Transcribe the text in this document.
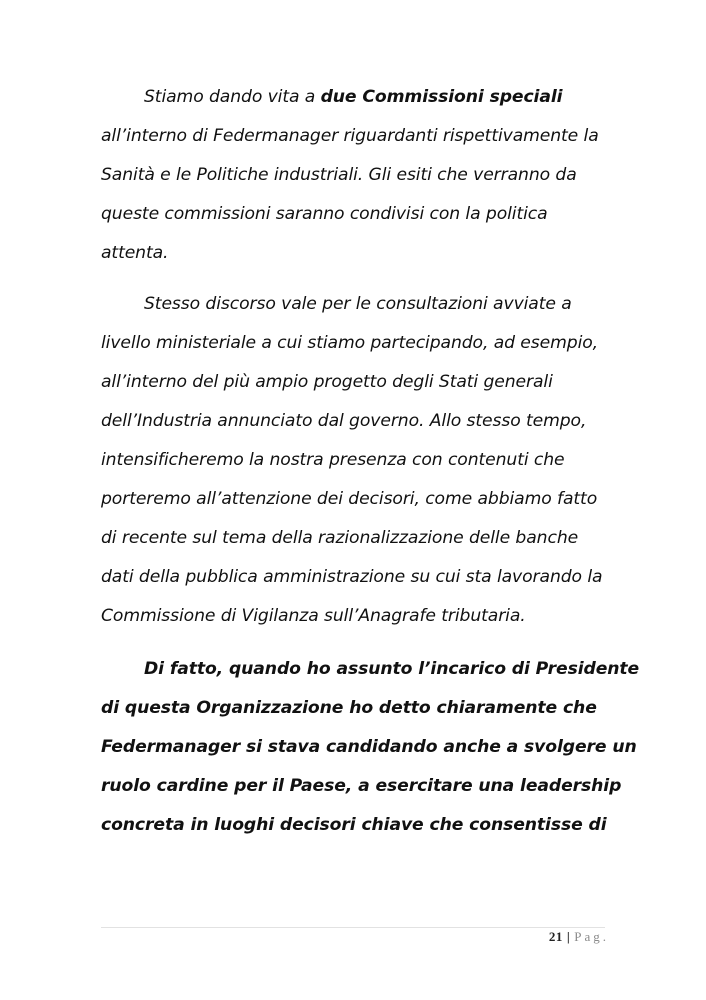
Stiamo dando vita a due Commissioni speciali
all’interno di Federmanager riguardanti rispettivamente la
Sanità e le Politiche industriali. Gli esiti che verranno da
queste commissioni saranno condivisi con la politica
attenta.
Stesso discorso vale per le consultazioni avviate a
livello ministeriale a cui stiamo partecipando, ad esempio,
all’interno del più ampio progetto degli Stati generali
dell’Industria annunciato dal governo. Allo stesso tempo,
intensificheremo la nostra presenza con contenuti che
porteremo all’attenzione dei decisori, come abbiamo fatto
di recente sul tema della razionalizzazione delle banche
dati della pubblica amministrazione su cui sta lavorando la
Commissione di Vigilanza sull’Anagrafe tributaria.
Di fatto, quando ho assunto l’incarico di Presidente
di questa Organizzazione ho detto chiaramente che
Federmanager si stava candidando anche a svolgere un
ruolo cardine per il Paese, a esercitare una leadership
concreta in luoghi decisori chiave che consentisse di
21 | Pag.
